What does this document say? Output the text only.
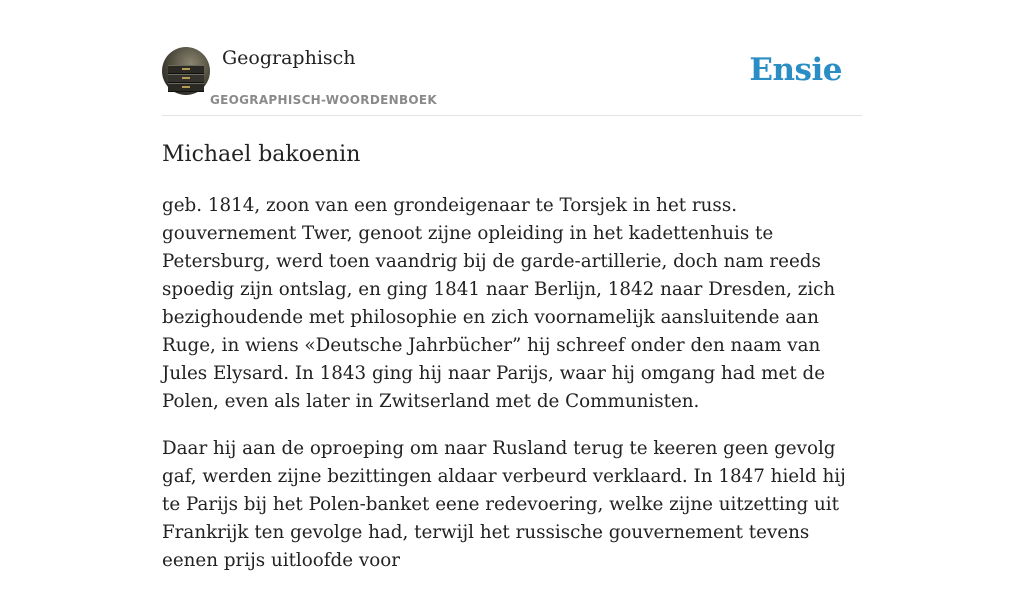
Geographisch
GEOGRAPHISCH-WOORDENBOEK
Ensie
Michael bakoenin

geb. 1814, zoon van een grondeigenaar te Torsjek in het russ. gouvernement Twer, genoot zijne opleiding in het kadettenhuis te Petersburg, werd toen vaandrig bij de garde-artillerie, doch nam reeds spoedig zijn ontslag, en ging 1841 naar Berlijn, 1842 naar Dresden, zich bezighoudende met philosophie en zich voornamelijk aansluitende aan Ruge, in wiens «Deutsche Jahrbücher” hij schreef onder den naam van Jules Elysard. In 1843 ging hij naar Parijs, waar hij omgang had met de Polen, even als later in Zwitserland met de Communisten.

Daar hij aan de oproeping om naar Rusland terug te keeren geen gevolg gaf, werden zijne bezittingen aldaar verbeurd verklaard. In 1847 hield hij te Parijs bij het Polen-banket eene redevoering, welke zijne uitzetting uit Frankrijk ten gevolge had, terwijl het russische gouvernement tevens eenen prijs uitloofde voor
